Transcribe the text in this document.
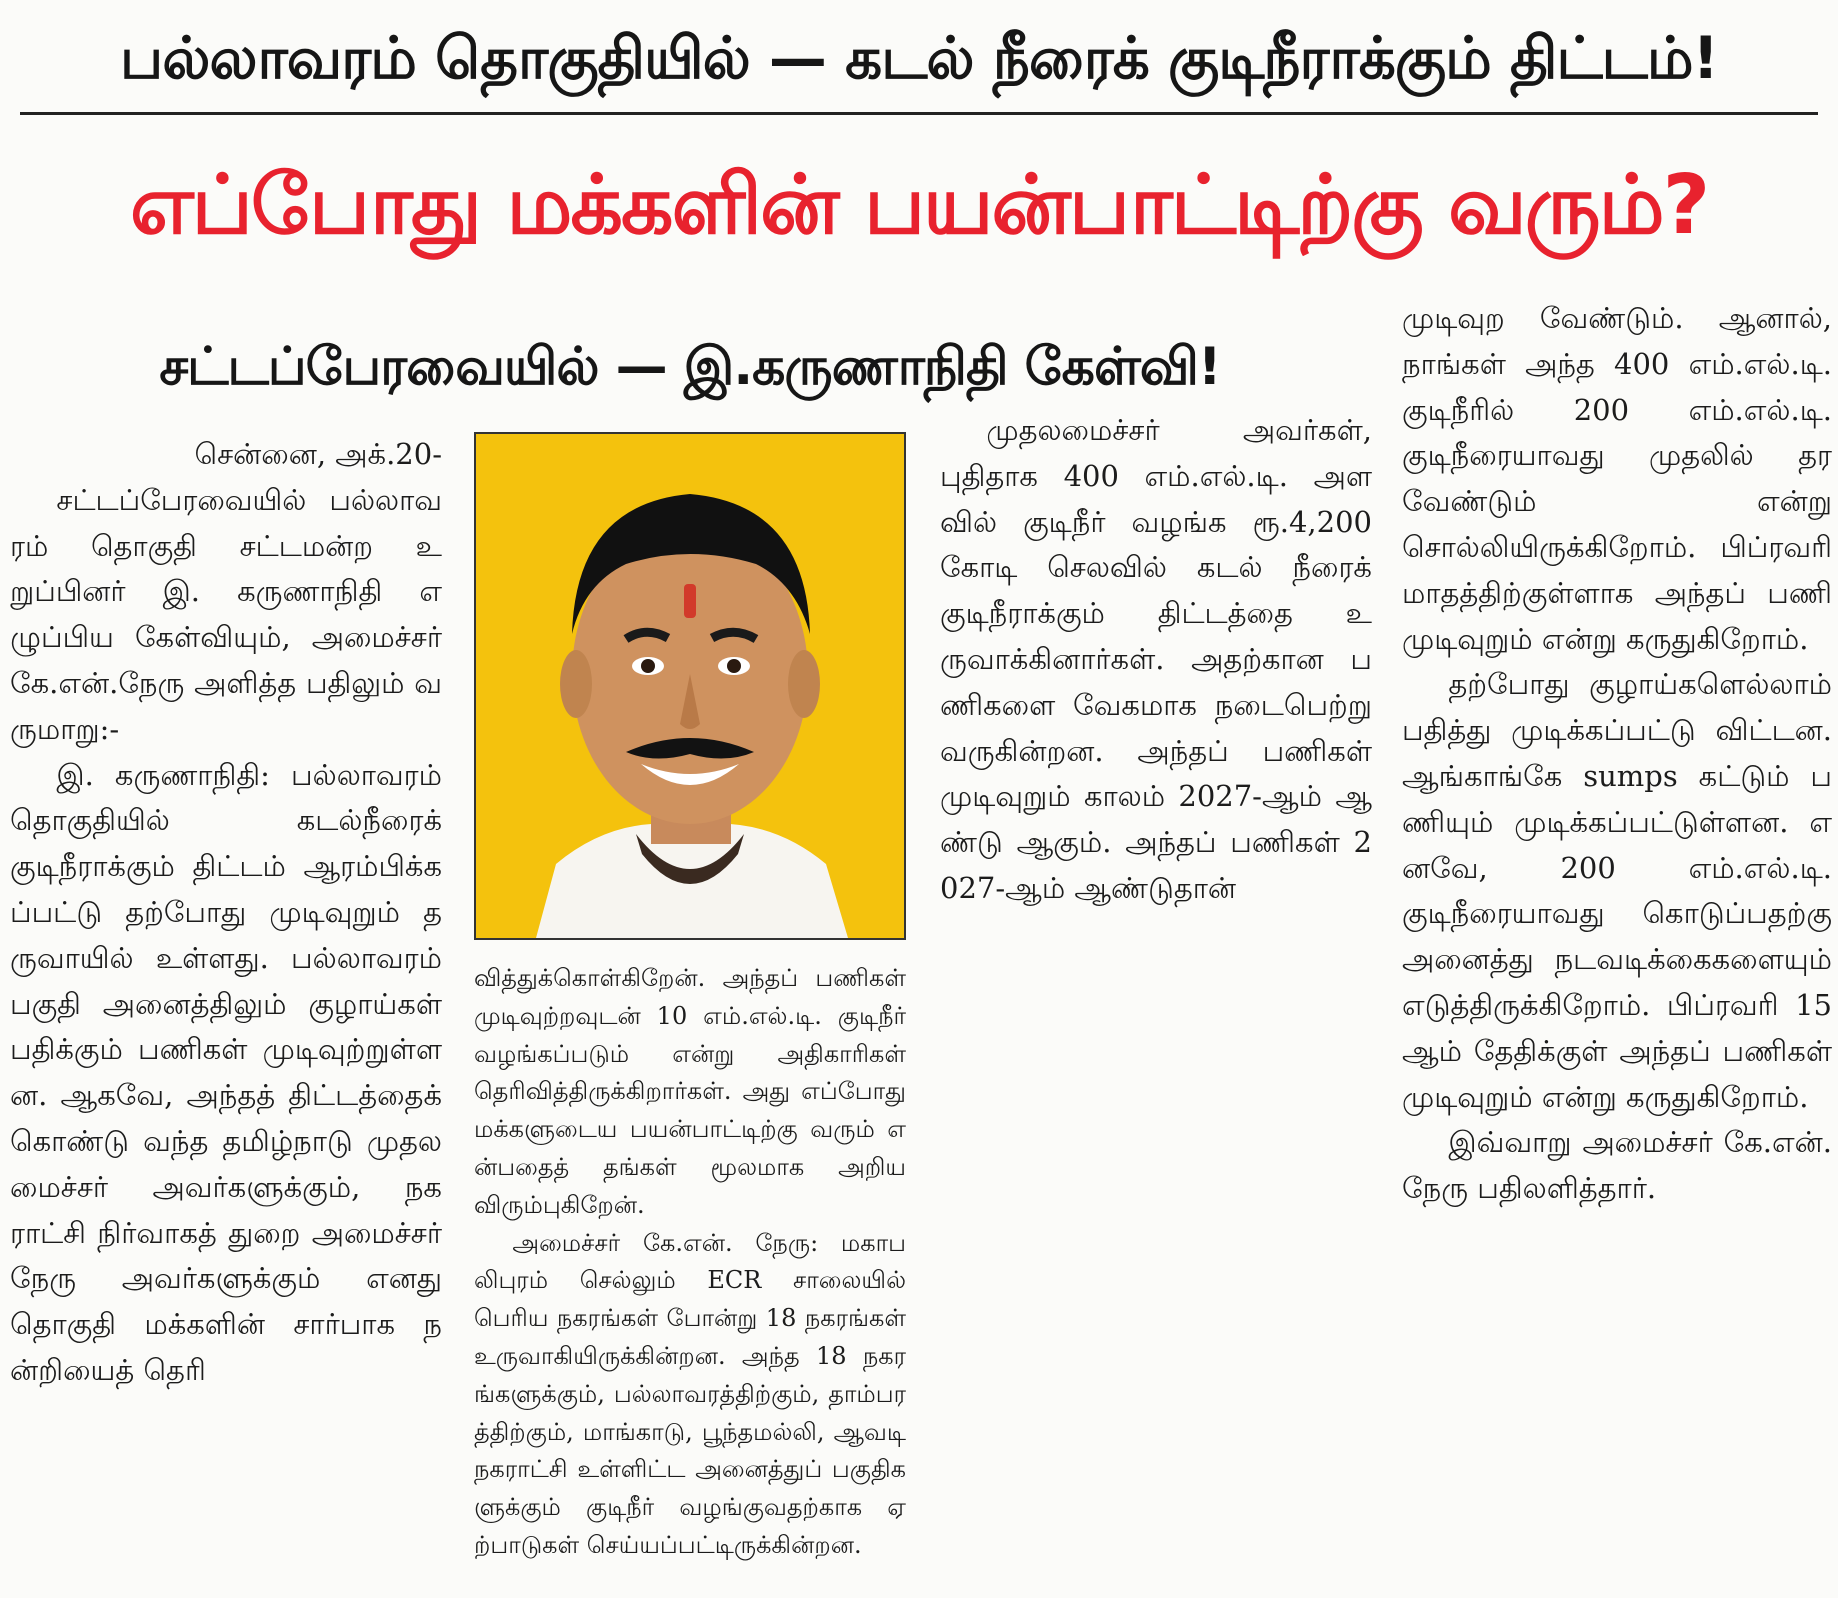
பல்லாவரம் தொகுதியில் — கடல் நீரைக் குடிநீராக்கும் திட்டம்!
எப்போது மக்களின் பயன்பாட்டிற்கு வரும்?
சட்டப்பேரவையில் — இ.கருணாநிதி கேள்வி!

சென்னை, அக்.20-

சட்டப்பேரவையில் பல்லாவரம் தொகுதி சட்டமன்ற உறுப்பினர் இ. கருணாநிதி எழுப்பிய கேள்வியும், அமைச்சர் கே.என்.நேரு அளித்த பதிலும் வருமாறு:-

இ. கருணாநிதி: பல்லாவரம் தொகுதியில் கடல்நீரைக் குடிநீராக்கும் திட்டம் ஆரம்பிக்கப்பட்டு தற்போது முடிவுறும் தருவாயில் உள்ளது. பல்லாவரம் பகுதி அனைத்திலும் குழாய்கள் பதிக்கும் பணிகள் முடிவுற்றுள்ளன. ஆகவே, அந்தத் திட்டத்தைக் கொண்டு வந்த தமிழ்நாடு முதலமைச்சர் அவர்களுக்கும், நகராட்சி நிர்வாகத் துறை அமைச்சர் நேரு அவர்களுக்கும் எனது தொகுதி மக்களின் சார்பாக நன்றியைத் தெரி

வித்துக்கொள்கிறேன். அந்தப் பணிகள் முடிவுற்றவுடன் 10 எம்.எல்.டி. குடிநீர் வழங்கப்படும் என்று அதிகாரிகள் தெரிவித்திருக்கிறார்கள். அது எப்போது மக்களுடைய பயன்பாட்டிற்கு வரும் என்பதைத் தங்கள் மூலமாக அறிய விரும்புகிறேன்.

அமைச்சர் கே.என். நேரு: மகாபலிபுரம் செல்லும் ECR சாலையில் பெரிய நகரங்கள் போன்று 18 நகரங்கள் உருவாகியிருக்கின்றன. அந்த 18 நகரங்களுக்கும், பல்லாவரத்திற்கும், தாம்பரத்திற்கும், மாங்காடு, பூந்தமல்லி, ஆவடி நகராட்சி உள்ளிட்ட அனைத்துப் பகுதிகளுக்கும் குடிநீர் வழங்குவதற்காக ஏற்பாடுகள் செய்யப்பட்டிருக்கின்றன.

முதலமைச்சர் அவர்கள், புதிதாக 400 எம்.எல்.டி. அளவில் குடிநீர் வழங்க ரூ.4,200 கோடி செலவில் கடல் நீரைக் குடிநீராக்கும் திட்டத்தை உருவாக்கினார்கள். அதற்கான பணிகளை வேகமாக நடைபெற்று வருகின்றன. அந்தப் பணிகள் முடிவுறும் காலம் 2027-ஆம் ஆண்டு ஆகும். அந்தப் பணிகள் 2027-ஆம் ஆண்டுதான்

முடிவுற வேண்டும். ஆனால், நாங்கள் அந்த 400 எம்.எல்.டி. குடிநீரில் 200 எம்.எல்.டி. குடிநீரையாவது முதலில் தர வேண்டும் என்று சொல்லியிருக்கிறோம். பிப்ரவரி மாதத்திற்குள்ளாக அந்தப் பணி முடிவுறும் என்று கருதுகிறோம்.

தற்போது குழாய்களெல்லாம் பதித்து முடிக்கப்பட்டு விட்டன. ஆங்காங்கே sumps கட்டும் பணியும் முடிக்கப்பட்டுள்ளன. எனவே, 200 எம்.எல்.டி. குடிநீரையாவது கொடுப்பதற்கு அனைத்து நடவடிக்கைகளையும் எடுத்திருக்கிறோம். பிப்ரவரி 15 ஆம் தேதிக்குள் அந்தப் பணிகள் முடிவுறும் என்று கருதுகிறோம்.

இவ்வாறு அமைச்சர் கே.என்.நேரு பதிலளித்தார்.
